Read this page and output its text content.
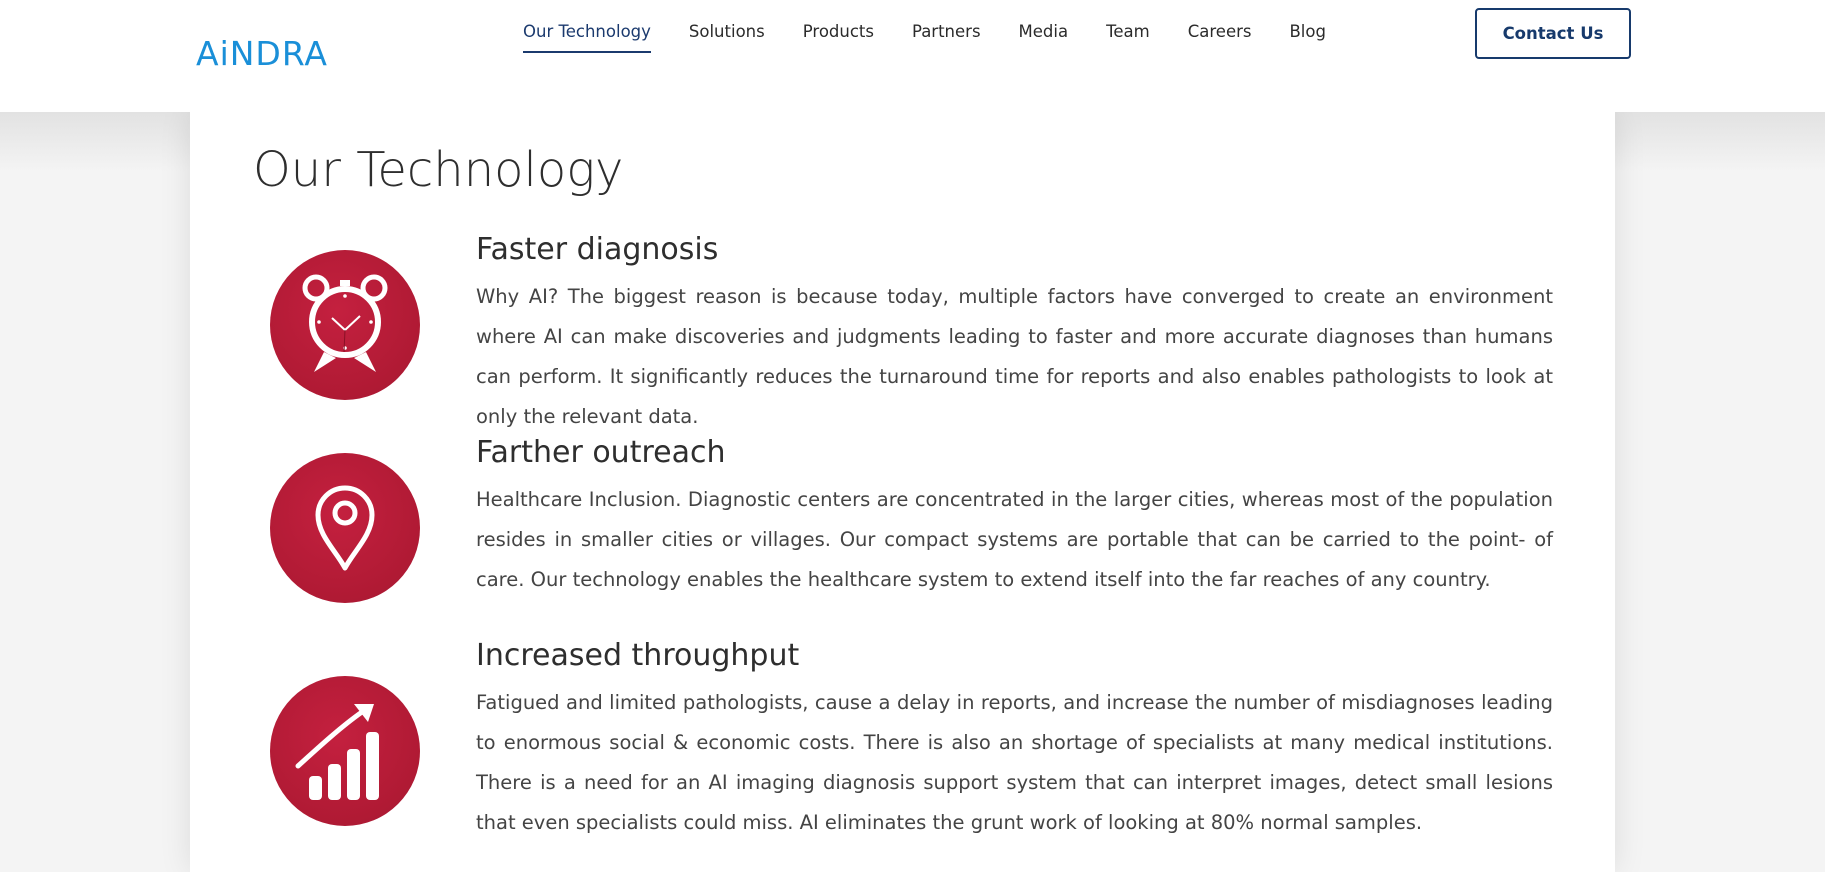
AiNDRA
Our Technology Solutions Products Partners Media Team Careers Blog	Contact Us
Our Technology
Faster diagnosis

Why AI? The biggest reason is because today, multiple factors have converged to create an environment where AI can make discoveries and judgments leading to faster and more accurate diagnoses than humans can perform. It significantly reduces the turnaround time for reports and also enables pathologists to look at only the relevant data.

Farther outreach

Healthcare Inclusion. Diagnostic centers are concentrated in the larger cities, whereas most of the population resides in smaller cities or villages. Our compact systems are portable that can be carried to the point- of care. Our technology enables the healthcare system to extend itself into the far reaches of any country.

Increased throughput

Fatigued and limited pathologists, cause a delay in reports, and increase the number of misdiagnoses leading to enormous social & economic costs. There is also an shortage of specialists at many medical institutions. There is a need for an AI imaging diagnosis support system that can interpret images, detect small lesions that even specialists could miss. AI eliminates the grunt work of looking at 80% normal samples.
